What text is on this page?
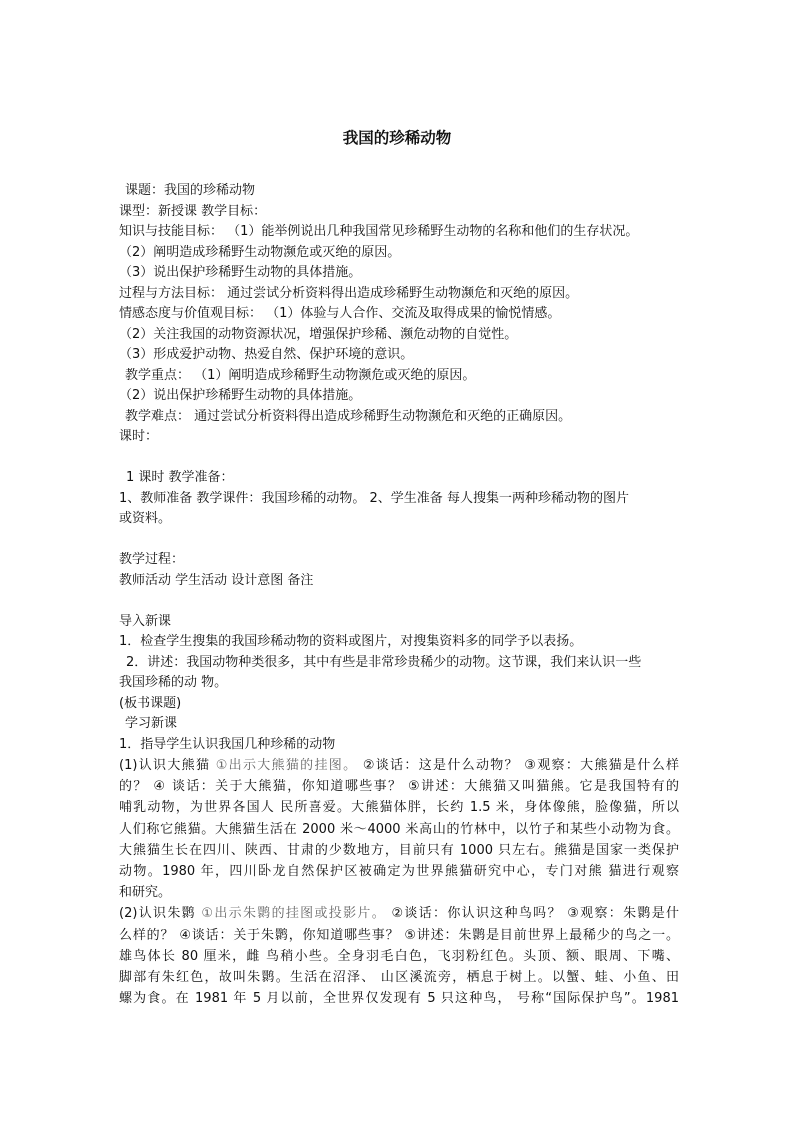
我国的珍稀动物
课题：我国的珍稀动物
课型：新授课 教学目标：
知识与技能目标： （1）能举例说出几种我国常见珍稀野生动物的名称和他们的生存状况。
（2）阐明造成珍稀野生动物濒危或灭绝的原因。
（3）说出保护珍稀野生动物的具体措施。
过程与方法目标： 通过尝试分析资料得出造成珍稀野生动物濒危和灭绝的原因。
情感态度与价值观目标： （1）体验与人合作、交流及取得成果的愉悦情感。
（2）关注我国的动物资源状况，增强保护珍稀、濒危动物的自觉性。
（3）形成爱护动物、热爱自然、保护环境的意识。
教学重点： （1）阐明造成珍稀野生动物濒危或灭绝的原因。
（2）说出保护珍稀野生动物的具体措施。
教学难点： 通过尝试分析资料得出造成珍稀野生动物濒危和灭绝的正确原因。
课时：
1 课时 教学准备：
1、教师准备 教学课件：我国珍稀的动物。 2、学生准备 每人搜集一两种珍稀动物的图片
或资料。
教学过程：
教师活动 学生活动 设计意图 备注
导入新课
1．检查学生搜集的我国珍稀动物的资料或图片，对搜集资料多的同学予以表扬。
2．讲述：我国动物种类很多，其中有些是非常珍贵稀少的动物。这节课，我们来认识一些
我国珍稀的动 物。
(板书课题)
学习新课
1．指导学生认识我国几种珍稀的动物
(1)认识大熊猫 ①出示大熊猫的挂图。 ②谈话：这是什么动物？ ③观察：大熊猫是什么样
的？ ④ 谈话：关于大熊猫，你知道哪些事？ ⑤讲述：大熊猫又叫猫熊。它是我国特有的
哺乳动物，为世界各国人 民所喜爱。大熊猫体胖，长约 1.5 米，身体像熊，脸像猫，所以
人们称它熊猫。大熊猫生活在 2000 米～4000 米高山的竹林中，以竹子和某些小动物为食。
大熊猫生长在四川、陕西、甘肃的少数地方，目前只有 1000 只左右。熊猫是国家一类保护
动物。1980 年，四川卧龙自然保护区被确定为世界熊猫研究中心，专门对熊 猫进行观察
和研究。
(2)认识朱鹮 ①出示朱鹮的挂图或投影片。 ②谈话：你认识这种鸟吗？ ③观察：朱鹮是什
么样的？ ④谈话：关于朱鹮，你知道哪些事？ ⑤讲述：朱鹮是目前世界上最稀少的鸟之一。
雄鸟体长 80 厘米，雌 鸟稍小些。全身羽毛白色，飞羽粉红色。头顶、额、眼周、下嘴、
脚部有朱红色，故叫朱鹮。生活在沼泽、 山区溪流旁，栖息于树上。以蟹、蛙、小鱼、田
螺为食。在 1981 年 5 月以前，全世界仅发现有 5 只这种鸟， 号称“国际保护鸟”。1981
